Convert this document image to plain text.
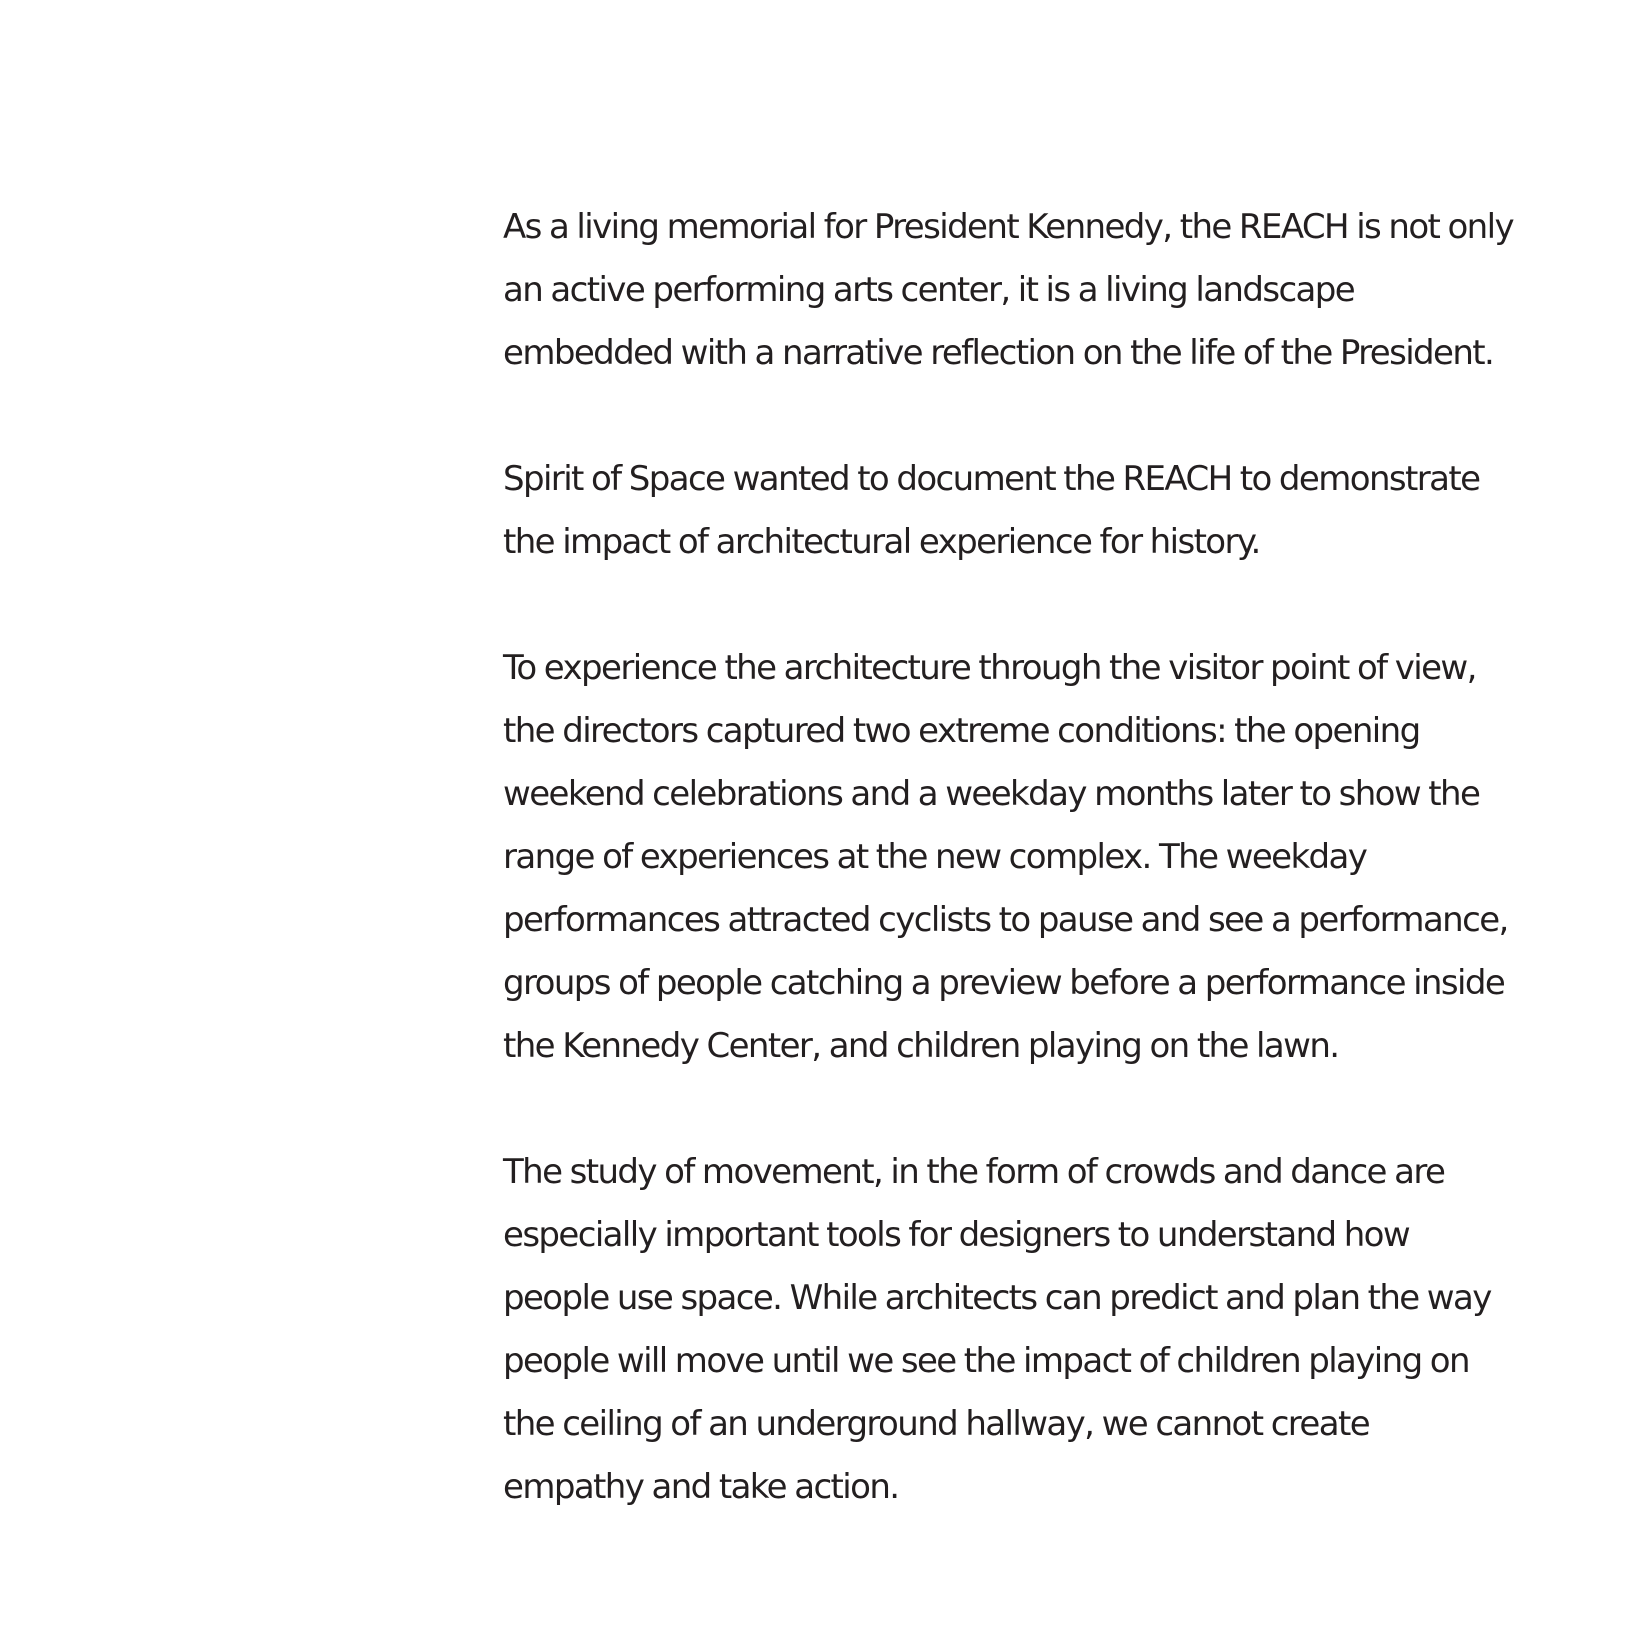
As a living memorial for President Kennedy, the REACH is not only an active performing arts center, it is a living landscape embedded with a narrative reflection on the life of the President.

Spirit of Space wanted to document the REACH to demonstrate the impact of architectural experience for history.

To experience the architecture through the visitor point of view, the directors captured two extreme conditions: the opening weekend celebrations and a weekday months later to show the range of experiences at the new complex. The weekday performances attracted cyclists to pause and see a performance, groups of people catching a preview before a performance inside the Kennedy Center, and children playing on the lawn.

The study of movement, in the form of crowds and dance are especially important tools for designers to understand how people use space. While architects can predict and plan the way people will move until we see the impact of children playing on the ceiling of an underground hallway, we cannot create empathy and take action.
